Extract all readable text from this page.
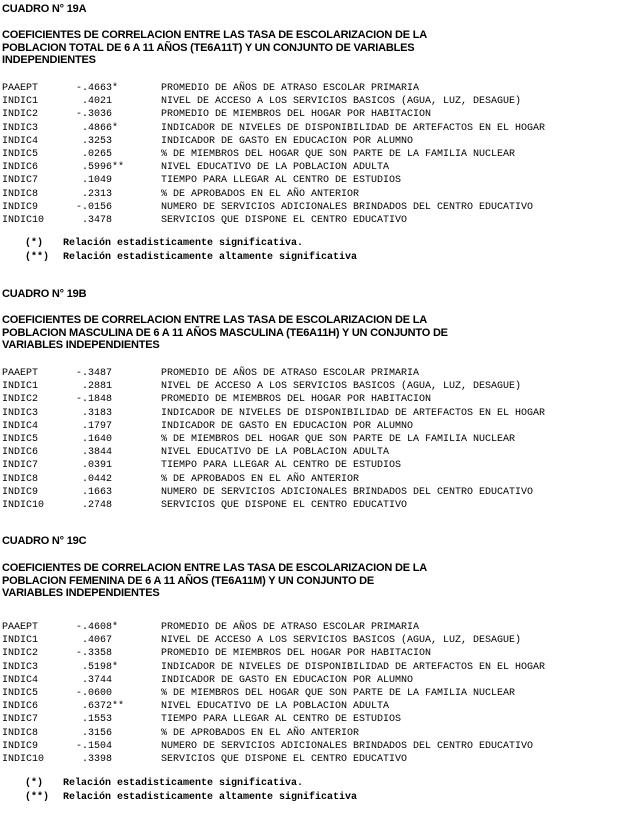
CUADRO N° 19A
COEFICIENTES DE CORRELACION ENTRE LAS TASA DE ESCOLARIZACION DE LA
POBLACION TOTAL DE 6 A 11 AÑOS (TE6A11T) Y UN CONJUNTO DE VARIABLES
INDEPENDIENTES
PAAEPT	-.4663 *	PROMEDIO DE AÑOS DE ATRASO ESCOLAR PRIMARIA
INDIC1	.4021	NIVEL DE ACCESO A LOS SERVICIOS BASICOS (AGUA, LUZ, DESAGUE)
INDIC2	-.3036	PROMEDIO DE MIEMBROS DEL HOGAR POR HABITACION
INDIC3	.4866 *	INDICADOR DE NIVELES DE DISPONIBILIDAD DE ARTEFACTOS EN EL HOGAR
INDIC4	.3253	INDICADOR DE GASTO EN EDUCACION POR ALUMNO
INDIC5	.0265	% DE MIEMBROS DEL HOGAR QUE SON PARTE DE LA FAMILIA NUCLEAR
INDIC6	.5996 **	NIVEL EDUCATIVO DE LA POBLACION ADULTA
INDIC7	.1049	TIEMPO PARA LLEGAR AL CENTRO DE ESTUDIOS
INDIC8	.2313	% DE APROBADOS EN EL AÑO ANTERIOR
INDIC9	-.0156	NUMERO DE SERVICIOS ADICIONALES BRINDADOS DEL CENTRO EDUCATIVO
INDIC10	.3478	SERVICIOS QUE DISPONE EL CENTRO EDUCATIVO
(*) Relación estadisticamente significativa.
(**) Relación estadisticamente altamente significativa
CUADRO N° 19B
COEFICIENTES DE CORRELACION ENTRE LAS TASA DE ESCOLARIZACION DE LA
POBLACION MASCULINA DE 6 A 11 AÑOS MASCULINA (TE6A11H) Y UN CONJUNTO DE
VARIABLES INDEPENDIENTES
PAAEPT	-.3487	PROMEDIO DE AÑOS DE ATRASO ESCOLAR PRIMARIA
INDIC1	.2881	NIVEL DE ACCESO A LOS SERVICIOS BASICOS (AGUA, LUZ, DESAGUE)
INDIC2	-.1848	PROMEDIO DE MIEMBROS DEL HOGAR POR HABITACION
INDIC3	.3183	INDICADOR DE NIVELES DE DISPONIBILIDAD DE ARTEFACTOS EN EL HOGAR
INDIC4	.1797	INDICADOR DE GASTO EN EDUCACION POR ALUMNO
INDIC5	.1640	% DE MIEMBROS DEL HOGAR QUE SON PARTE DE LA FAMILIA NUCLEAR
INDIC6	.3844	NIVEL EDUCATIVO DE LA POBLACION ADULTA
INDIC7	.0391	TIEMPO PARA LLEGAR AL CENTRO DE ESTUDIOS
INDIC8	.0442	% DE APROBADOS EN EL AÑO ANTERIOR
INDIC9	.1663	NUMERO DE SERVICIOS ADICIONALES BRINDADOS DEL CENTRO EDUCATIVO
INDIC10	.2748	SERVICIOS QUE DISPONE EL CENTRO EDUCATIVO
CUADRO N° 19C
COEFICIENTES DE CORRELACION ENTRE LAS TASA DE ESCOLARIZACION DE LA
POBLACION FEMENINA DE 6 A 11 AÑOS (TE6A11M) Y UN CONJUNTO DE
VARIABLES INDEPENDIENTES
PAAEPT	-.4608 *	PROMEDIO DE AÑOS DE ATRASO ESCOLAR PRIMARIA
INDIC1	.4067	NIVEL DE ACCESO A LOS SERVICIOS BASICOS (AGUA, LUZ, DESAGUE)
INDIC2	-.3358	PROMEDIO DE MIEMBROS DEL HOGAR POR HABITACION
INDIC3	.5198 *	INDICADOR DE NIVELES DE DISPONIBILIDAD DE ARTEFACTOS EN EL HOGAR
INDIC4	.3744	INDICADOR DE GASTO EN EDUCACION POR ALUMNO
INDIC5	-.0600	% DE MIEMBROS DEL HOGAR QUE SON PARTE DE LA FAMILIA NUCLEAR
INDIC6	.6372 **	NIVEL EDUCATIVO DE LA POBLACION ADULTA
INDIC7	.1553	TIEMPO PARA LLEGAR AL CENTRO DE ESTUDIOS
INDIC8	.3156	% DE APROBADOS EN EL AÑO ANTERIOR
INDIC9	-.1504	NUMERO DE SERVICIOS ADICIONALES BRINDADOS DEL CENTRO EDUCATIVO
INDIC10	.3398	SERVICIOS QUE DISPONE EL CENTRO EDUCATIVO
(*) Relación estadisticamente significativa.
(**) Relación estadisticamente altamente significativa
